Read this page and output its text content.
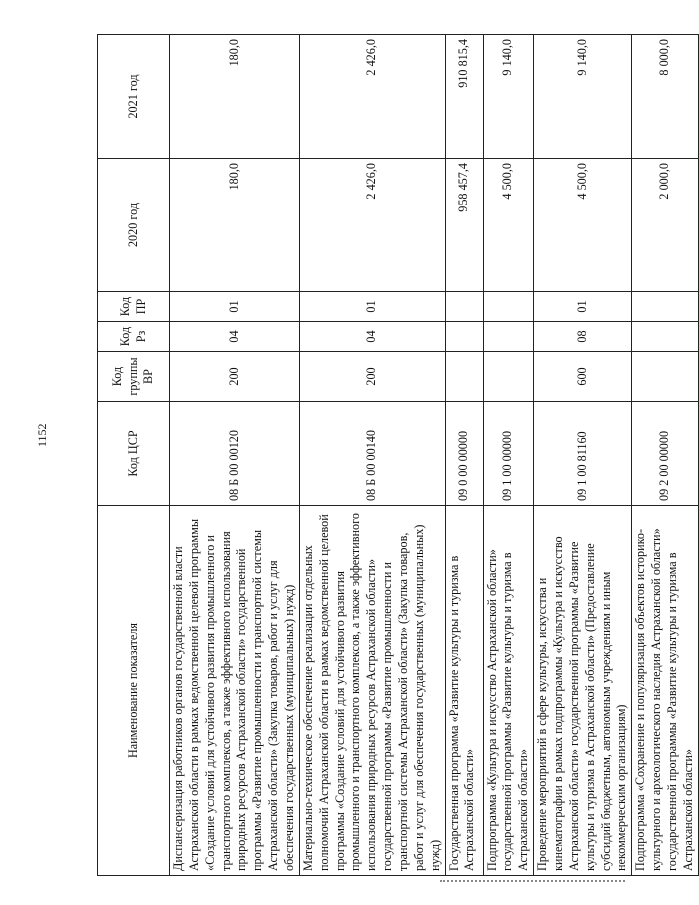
1152
Наименование показателя	Код ЦСР	Код группы ВР	Код Рз	Код ПР	2020 год	2021 год
Диспансеризация работников органов государственной власти Астраханской области в рамках ведомственной целевой программы «Создание условий для устойчивого развития промышленного и транспортного комплексов, а также эффективного использования природных ресурсов Астраханской области» государственной программы «Развитие промышленности и транспортной системы Астраханской области» (Закупка товаров, работ и услуг для обеспечения государственных (муниципальных) нужд)	08 Б 00 00120	200	04	01	180,0	180,0
Материально-техническое обеспечение реализации отдельных полномочий Астраханской области в рамках ведомственной целевой программы «Создание условий для устойчивого развития промышленного и транспортного комплексов, а также эффективного использования природных ресурсов Астраханской области» государственной программы «Развитие промышленности и транспортной системы Астраханской области» (Закупка товаров, работ и услуг для обеспечения государственных (муниципальных) нужд)	08 Б 00 00140	200	04	01	2 426,0	2 426,0
Государственная программа «Развитие культуры и туризма в Астраханской области»	09 0 00 00000				958 457,4	910 815,4
Подпрограмма «Культура и искусство Астраханской области» государственной программы «Развитие культуры и туризма в Астраханской области»	09 1 00 00000				4 500,0	9 140,0
Проведение мероприятий в сфере культуры, искусства и кинематографии в рамках подпрограммы «Культура и искусство Астраханской области» государственной программы «Развитие культуры и туризма в Астраханской области» (Предоставление субсидий бюджетным, автономным учреждениям и иным некоммерческим организациям)	09 1 00 81160	600	08	01	4 500,0	9 140,0
Подпрограмма «Сохранение и популяризация объектов историко-культурного и археологического наследия Астраханской области» государственной программы «Развитие культуры и туризма в Астраханской области»	09 2 00 00000				2 000,0	8 000,0
